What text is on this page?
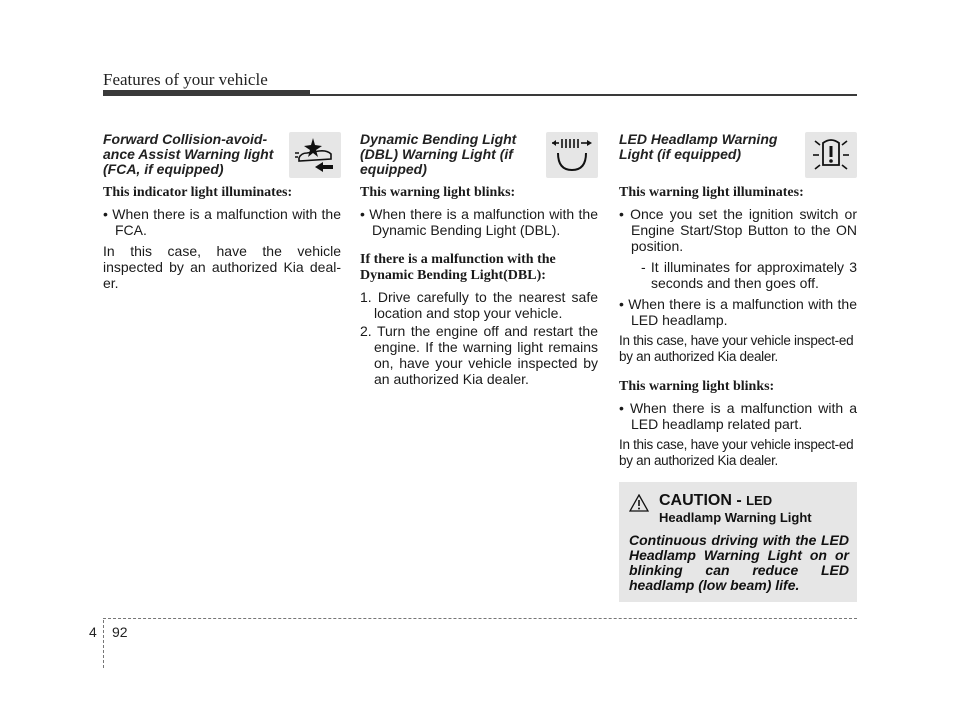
Features of your vehicle
Forward Collision-avoid-ance Assist Warning light (FCA, if equipped)
This indicator light illuminates:
• When there is a malfunction with the FCA.
In this case, have the vehicle inspected by an authorized Kia deal-er.
Dynamic Bending Light (DBL) Warning Light (if equipped)
This warning light blinks:
• When there is a malfunction with the Dynamic Bending Light (DBL).
If there is a malfunction with the Dynamic Bending Light(DBL):
1. Drive carefully to the nearest safe location and stop your vehicle.
2. Turn the engine off and restart the engine. If the warning light remains on, have your vehicle inspected by an authorized Kia dealer.
LED Headlamp Warning Light (if equipped)
This warning light illuminates:
• Once you set the ignition switch or Engine Start/Stop Button to the ON position.
- It illuminates for approximately 3 seconds and then goes off.
• When there is a malfunction with the LED headlamp.
In this case, have your vehicle inspect-ed by an authorized Kia dealer.
This warning light blinks:
• When there is a malfunction with a LED headlamp related part.
In this case, have your vehicle inspect-ed by an authorized Kia dealer.
CAUTION - LED
Headlamp Warning Light
Continuous driving with the LED Headlamp Warning Light on or blinking can reduce LED headlamp (low beam) life.
4 92
